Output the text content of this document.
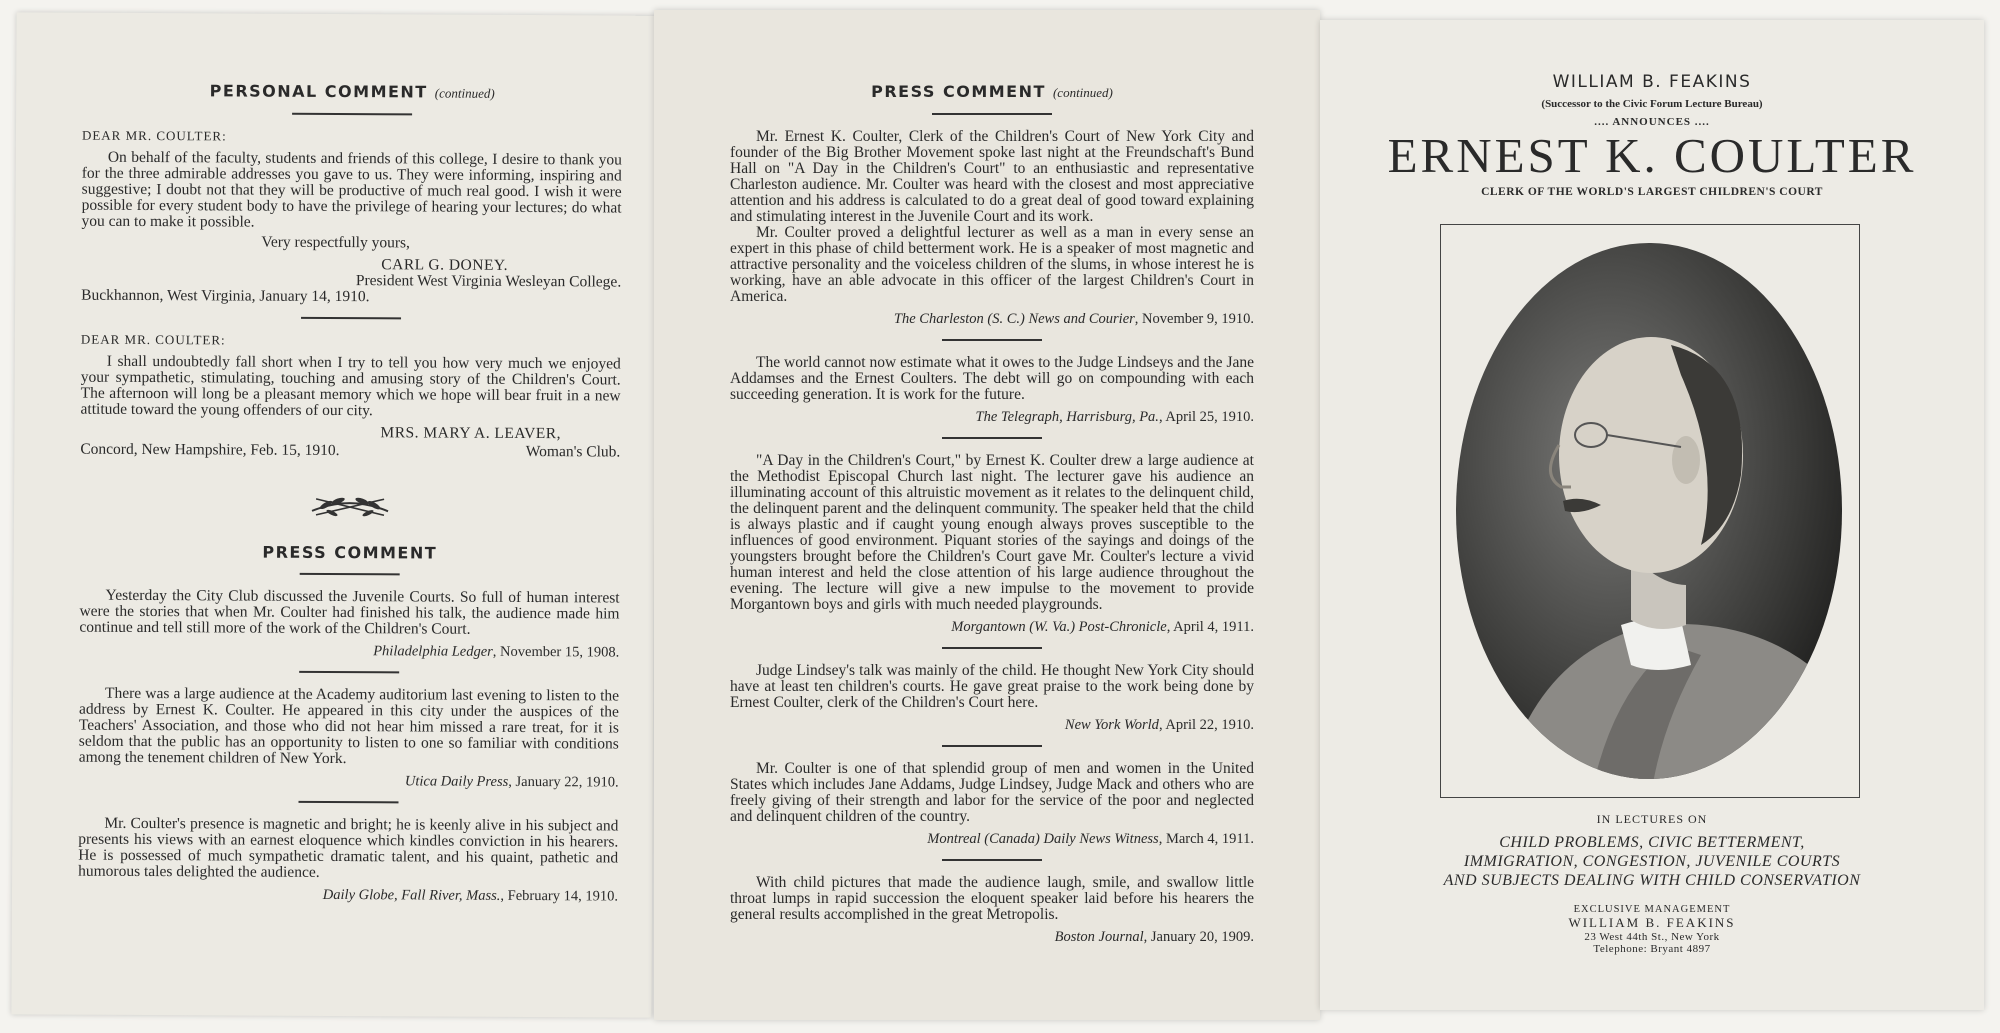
PERSONAL COMMENT (continued)
DEAR MR. COULTER:

On behalf of the faculty, students and friends of this college, I desire to thank you for the three admirable addresses you gave to us. They were informing, inspiring and suggestive; I doubt not that they will be productive of much real good. I wish it were possible for every student body to have the privilege of hearing your lectures; do what you can to make it possible.

Very respectfully yours,

CARL G. DONEY.

President West Virginia Wesleyan College.

Buckhannon, West Virginia, January 14, 1910.

DEAR MR. COULTER:

I shall undoubtedly fall short when I try to tell you how very much we enjoyed your sympathetic, stimulating, touching and amusing story of the Children's Court. The afternoon will long be a pleasant memory which we hope will bear fruit in a new attitude toward the young offenders of our city.

MRS. MARY A. LEAVER,

Concord, New Hampshire, Feb. 15, 1910.	Woman's Club.
PRESS COMMENT

Yesterday the City Club discussed the Juvenile Courts. So full of human interest were the stories that when Mr. Coulter had finished his talk, the audience made him continue and tell still more of the work of the Children's Court.

Philadelphia Ledger, November 15, 1908.

There was a large audience at the Academy auditorium last evening to listen to the address by Ernest K. Coulter. He appeared in this city under the auspices of the Teachers' Association, and those who did not hear him missed a rare treat, for it is seldom that the public has an opportunity to listen to one so familiar with conditions among the tenement children of New York.

Utica Daily Press, January 22, 1910.

Mr. Coulter's presence is magnetic and bright; he is keenly alive in his subject and presents his views with an earnest eloquence which kindles conviction in his hearers. He is possessed of much sympathetic dramatic talent, and his quaint, pathetic and humorous tales delighted the audience.

Daily Globe, Fall River, Mass., February 14, 1910.
PRESS COMMENT (continued)

Mr. Ernest K. Coulter, Clerk of the Children's Court of New York City and founder of the Big Brother Movement spoke last night at the Freundschaft's Bund Hall on "A Day in the Children's Court" to an enthusiastic and representative Charleston audience. Mr. Coulter was heard with the closest and most appreciative attention and his address is calculated to do a great deal of good toward explaining and stimulating interest in the Juvenile Court and its work.

Mr. Coulter proved a delightful lecturer as well as a man in every sense an expert in this phase of child betterment work. He is a speaker of most magnetic and attractive personality and the voiceless children of the slums, in whose interest he is working, have an able advocate in this officer of the largest Children's Court in America.

The Charleston (S. C.) News and Courier, November 9, 1910.

The world cannot now estimate what it owes to the Judge Lindseys and the Jane Addamses and the Ernest Coulters. The debt will go on compounding with each succeeding generation. It is work for the future.

The Telegraph, Harrisburg, Pa., April 25, 1910.

"A Day in the Children's Court," by Ernest K. Coulter drew a large audience at the Methodist Episcopal Church last night. The lecturer gave his audience an illuminating account of this altruistic movement as it relates to the delinquent child, the delinquent parent and the delinquent community. The speaker held that the child is always plastic and if caught young enough always proves susceptible to the influences of good environment. Piquant stories of the sayings and doings of the youngsters brought before the Children's Court gave Mr. Coulter's lecture a vivid human interest and held the close attention of his large audience throughout the evening. The lecture will give a new impulse to the movement to provide Morgantown boys and girls with much needed playgrounds.

Morgantown (W. Va.) Post-Chronicle, April 4, 1911.

Judge Lindsey's talk was mainly of the child. He thought New York City should have at least ten children's courts. He gave great praise to the work being done by Ernest Coulter, clerk of the Children's Court here.

New York World, April 22, 1910.

Mr. Coulter is one of that splendid group of men and women in the United States which includes Jane Addams, Judge Lindsey, Judge Mack and others who are freely giving of their strength and labor for the service of the poor and neglected and delinquent children of the country.

Montreal (Canada) Daily News Witness, March 4, 1911.

With child pictures that made the audience laugh, smile, and swallow little throat lumps in rapid succession the eloquent speaker laid before his hearers the general results accomplished in the great Metropolis.

Boston Journal, January 20, 1909.
WILLIAM B. FEAKINS
(Successor to the Civic Forum Lecture Bureau)
.... ANNOUNCES ....
ERNEST K. COULTER
CLERK OF THE WORLD'S LARGEST CHILDREN'S COURT
IN LECTURES ON
CHILD PROBLEMS, CIVIC BETTERMENT,
IMMIGRATION, CONGESTION, JUVENILE COURTS
AND SUBJECTS DEALING WITH CHILD CONSERVATION
EXCLUSIVE MANAGEMENT
WILLIAM B. FEAKINS
23 West 44th St., New York
Telephone: Bryant 4897
